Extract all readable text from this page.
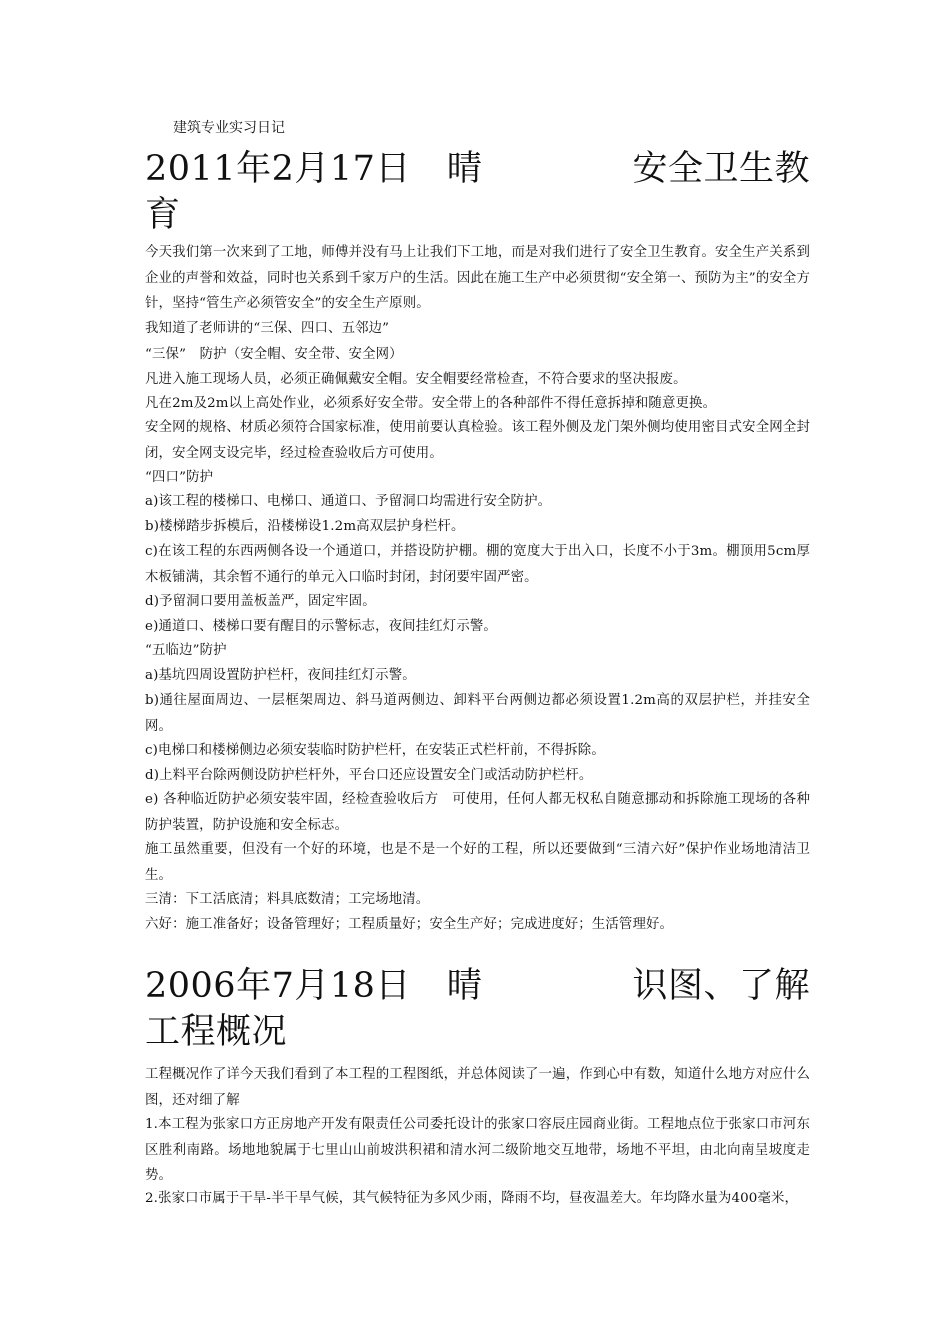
建筑专业实习日记
2011年2月17日 晴	安全卫生教
育

今天我们第一次来到了工地，师傅并没有马上让我们下工地，而是对我们进行了安全卫生教育。安全生产关系到企业的声誉和效益，同时也关系到千家万户的生活。因此在施工生产中必须贯彻“安全第一、预防为主”的安全方针，坚持“管生产必须管安全”的安全生产原则。

我知道了老师讲的“三保、四口、五邻边”

“三保”　防护（安全帽、安全带、安全网）

凡进入施工现场人员，必须正确佩戴安全帽。安全帽要经常检查，不符合要求的坚决报废。

凡在2m及2m以上高处作业，必须系好安全带。安全带上的各种部件不得任意拆掉和随意更换。

安全网的规格、材质必须符合国家标准，使用前要认真检验。该工程外侧及龙门架外侧均使用密目式安全网全封闭，安全网支设完毕，经过检查验收后方可使用。

“四口”防护

a)该工程的楼梯口、电梯口、通道口、予留洞口均需进行安全防护。

b)楼梯踏步拆模后，沿楼梯设1.2m高双层护身栏杆。

c)在该工程的东西两侧各设一个通道口，并搭设防护棚。棚的宽度大于出入口，长度不小于3m。棚顶用5cm厚木板铺满，其余暂不通行的单元入口临时封闭，封闭要牢固严密。

d)予留洞口要用盖板盖严，固定牢固。

e)通道口、楼梯口要有醒目的示警标志，夜间挂红灯示警。

“五临边”防护

a)基坑四周设置防护栏杆，夜间挂红灯示警。

b)通往屋面周边、一层框架周边、斜马道两侧边、卸料平台两侧边都必须设置1.2m高的双层护栏，并挂安全网。

c)电梯口和楼梯侧边必须安装临时防护栏杆，在安装正式栏杆前，不得拆除。

d)上料平台除两侧设防护栏杆外，平台口还应设置安全门或活动防护栏杆。

e) 各种临近防护必须安装牢固，经检查验收后方　可使用，任何人都无权私自随意挪动和拆除施工现场的各种防护装置，防护设施和安全标志。

施工虽然重要，但没有一个好的环境，也是不是一个好的工程，所以还要做到“三清六好”保护作业场地清洁卫生。

三清：下工活底清；料具底数清；工完场地清。

六好：施工准备好；设备管理好；工程质量好；安全生产好；完成进度好；生活管理好。

2006年7月18日 晴	识图、了解
工程概况

工程概况作了详今天我们看到了本工程的工程图纸，并总体阅读了一遍，作到心中有数，知道什么地方对应什么图，还对细了解

1.本工程为张家口方正房地产开发有限责任公司委托设计的张家口容辰庄园商业街。工程地点位于张家口市河东区胜利南路。场地地貌属于七里山山前坡洪积裙和清水河二级阶地交互地带，场地不平坦，由北向南呈坡度走势。

2.张家口市属于干旱-半干旱气候，其气候特征为多风少雨，降雨不均，昼夜温差大。年均降水量为400毫米，
